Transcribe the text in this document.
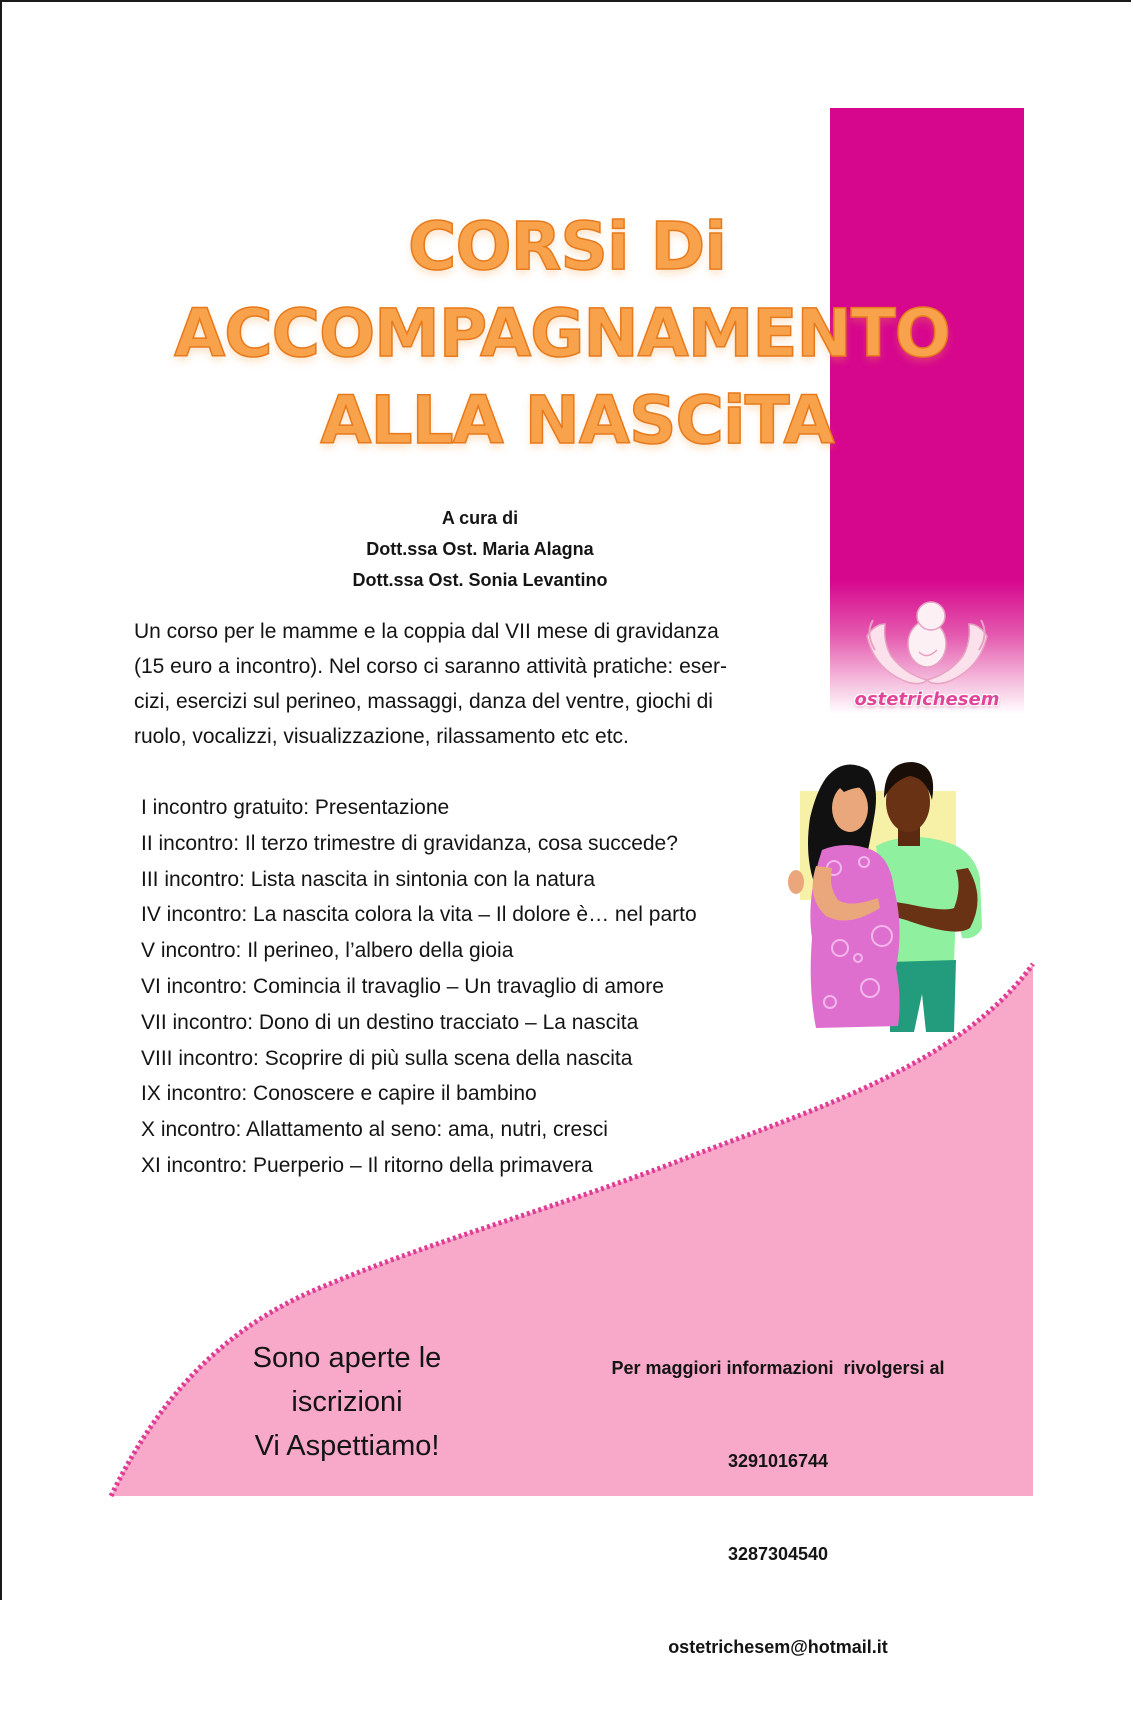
ostetrichesem
CORSi Di
ACCOMPAGNAMENTO
ALLA NASCiTA
A cura di
Dott.ssa Ost. Maria Alagna
Dott.ssa Ost. Sonia Levantino
Un corso per le mamme e la coppia dal VII mese di gravidanza
(15 euro a incontro). Nel corso ci saranno attività pratiche: eser-
cizi, esercizi sul perineo, massaggi, danza del ventre, giochi di
ruolo, vocalizzi, visualizzazione, rilassamento etc etc.
I incontro gratuito: Presentazione
II incontro: Il terzo trimestre di gravidanza, cosa succede?
III incontro: Lista nascita in sintonia con la natura
IV incontro: La nascita colora la vita – Il dolore è… nel parto
V incontro: Il perineo, l’albero della gioia
VI incontro: Comincia il travaglio – Un travaglio di amore
VII incontro: Dono di un destino tracciato – La nascita
VIII incontro: Scoprire di più sulla scena della nascita
IX incontro: Conoscere e capire il bambino
X incontro: Allattamento al seno: ama, nutri, cresci
XI incontro: Puerperio – Il ritorno della primavera
Sono aperte le
iscrizioni
Vi Aspettiamo!

Per maggiori informazioni  rivolgersi al

3291016744

3287304540

ostetrichesem@hotmail.it
